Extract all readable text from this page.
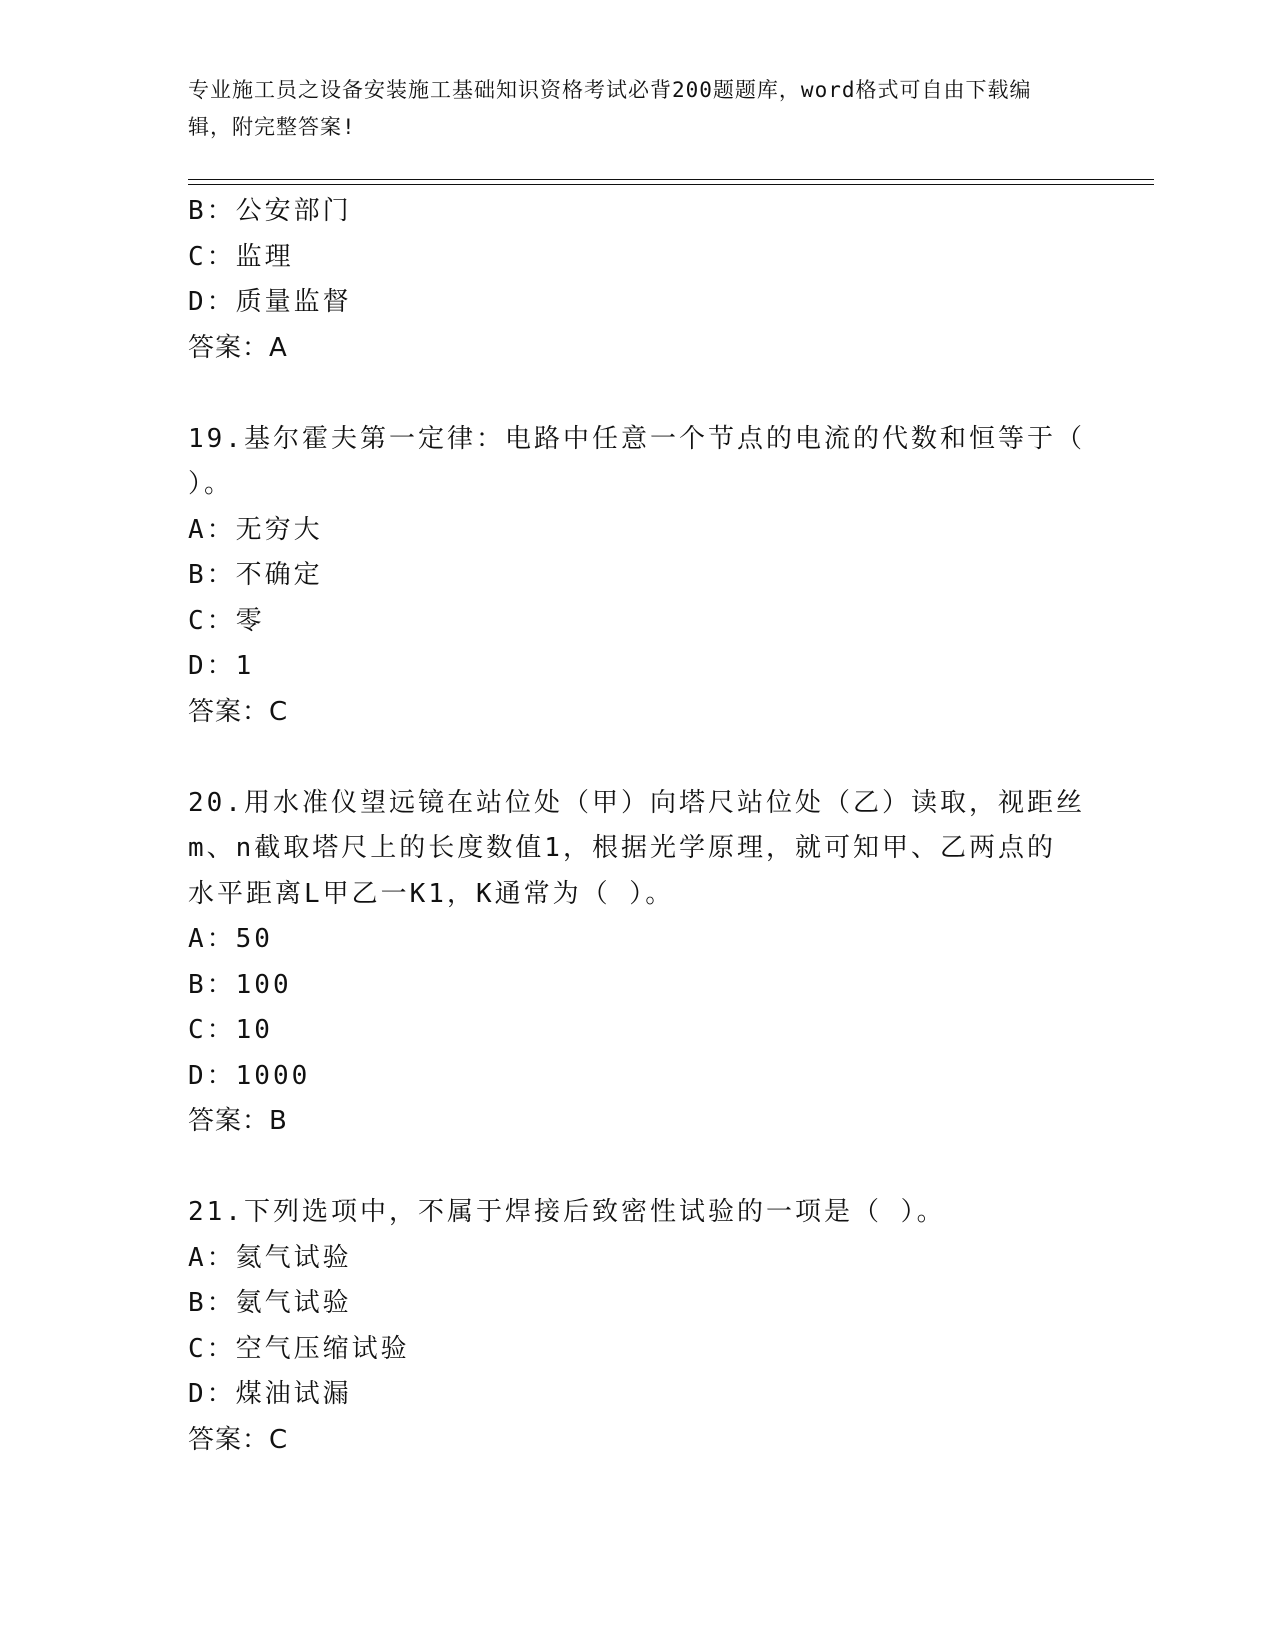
专业施工员之设备安装施工基础知识资格考试必背200题题库，word格式可自由下载编辑，附完整答案!
B：公安部门
C：监理
D：质量监督
答案：A
19.基尔霍夫第一定律：电路中任意一个节点的电流的代数和恒等于（
）。
A：无穷大
B：不确定
C：零
D：1
答案：C
20.用水准仪望远镜在站位处（甲）向塔尺站位处（乙）读取，视距丝
m、n截取塔尺上的长度数值1，根据光学原理，就可知甲、乙两点的
水平距离L甲乙一K1，K通常为（ ）。
A：50
B：100
C：10
D：1000
答案：B
21.下列选项中，不属于焊接后致密性试验的一项是（ ）。
A：氦气试验
B：氨气试验
C：空气压缩试验
D：煤油试漏
答案：C
